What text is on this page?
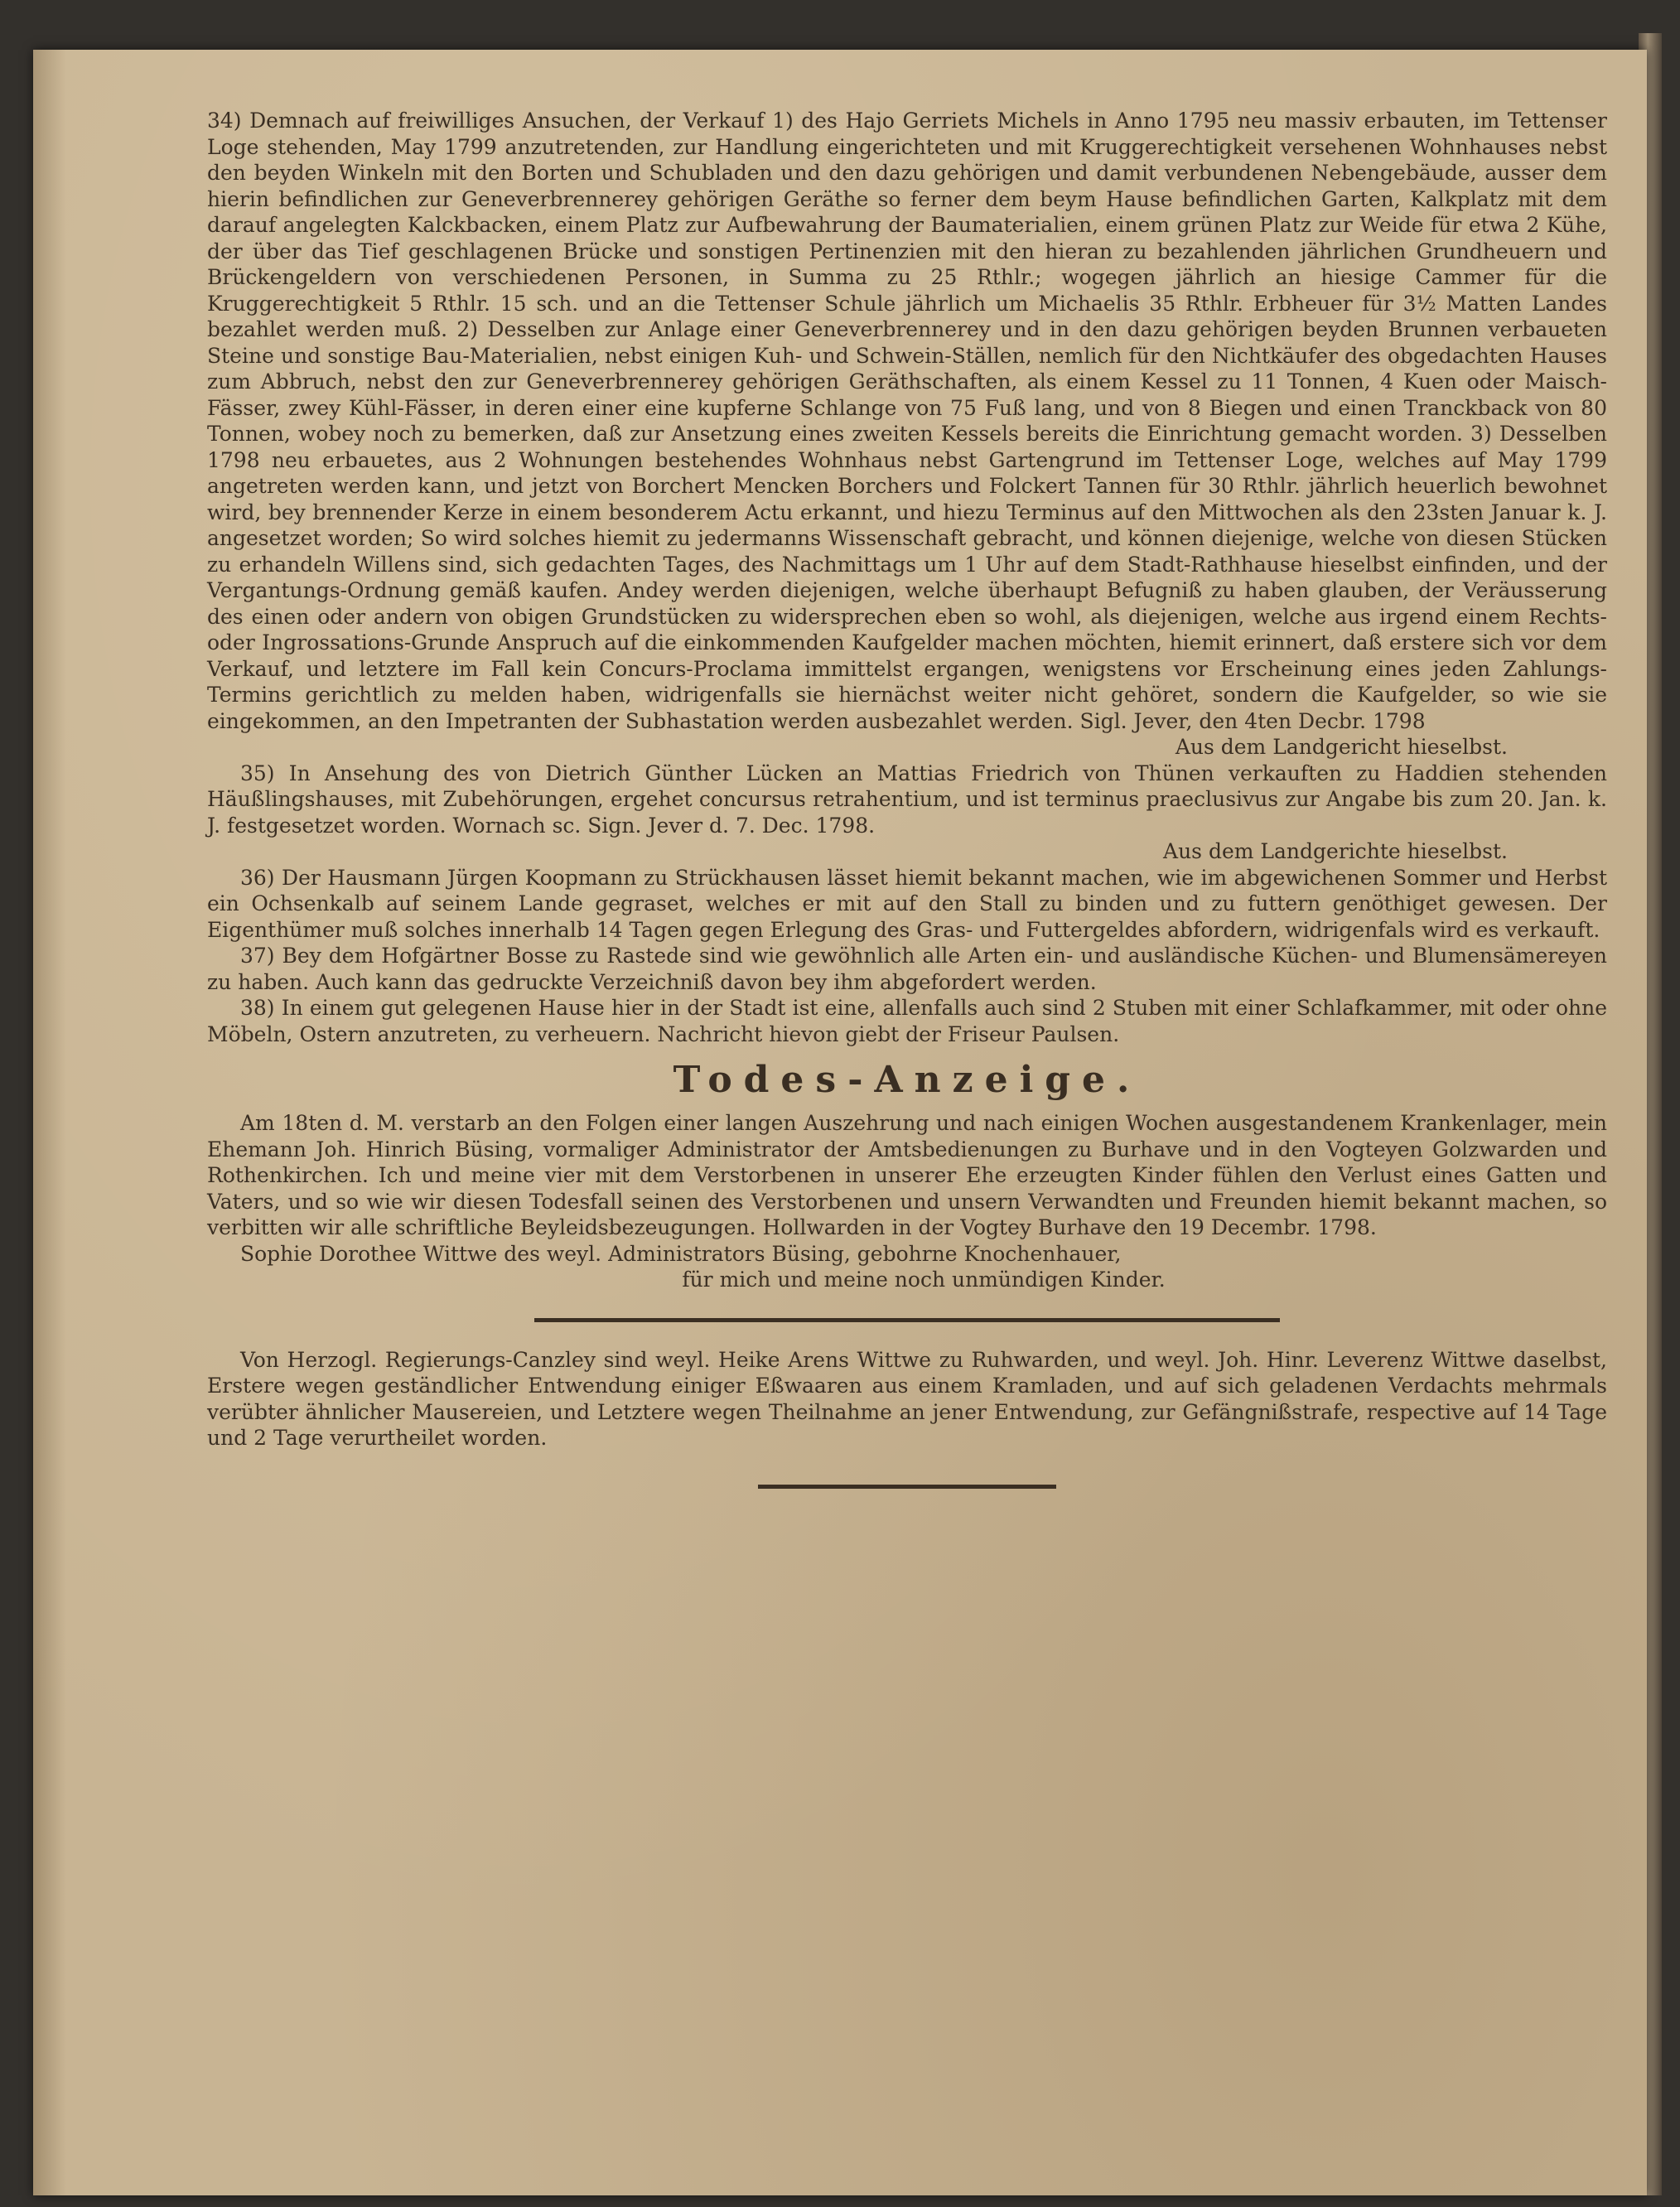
34) Demnach auf freiwilliges Ansuchen, der Verkauf 1) des Hajo Gerriets Michels in Anno 1795 neu massiv erbauten, im Tettenser Loge stehenden, May 1799 anzutretenden, zur Handlung eingerichteten und mit Kruggerechtigkeit versehenen Wohnhauses nebst den beyden Winkeln mit den Borten und Schubladen und den dazu gehörigen und damit verbundenen Nebengebäude, ausser dem hierin befindlichen zur Geneverbrennerey gehörigen Geräthe so ferner dem beym Hause befindlichen Garten, Kalkplatz mit dem darauf angelegten Kalckbacken, einem Platz zur Aufbewahrung der Baumaterialien, einem grünen Platz zur Weide für etwa 2 Kühe, der über das Tief geschlagenen Brücke und sonstigen Pertinenzien mit den hieran zu bezahlenden jährlichen Grundheuern und Brückengeldern von verschiedenen Personen, in Summa zu 25 Rthlr.; wogegen jährlich an hiesige Cammer für die Kruggerechtigkeit 5 Rthlr. 15 sch. und an die Tettenser Schule jährlich um Michaelis 35 Rthlr. Erbheuer für 3½ Matten Landes bezahlet werden muß. 2) Desselben zur Anlage einer Geneverbrennerey und in den dazu gehörigen beyden Brunnen verbaueten Steine und sonstige Bau-Materialien, nebst einigen Kuh- und Schwein-Ställen, nemlich für den Nichtkäufer des obgedachten Hauses zum Abbruch, nebst den zur Geneverbrennerey gehörigen Geräthschaften, als einem Kessel zu 11 Tonnen, 4 Kuen oder Maisch-Fässer, zwey Kühl-Fässer, in deren einer eine kupferne Schlange von 75 Fuß lang, und von 8 Biegen und einen Tranckback von 80 Tonnen, wobey noch zu bemerken, daß zur Ansetzung eines zweiten Kessels bereits die Einrichtung gemacht worden. 3) Desselben 1798 neu erbauetes, aus 2 Wohnungen bestehendes Wohnhaus nebst Gartengrund im Tettenser Loge, welches auf May 1799 angetreten werden kann, und jetzt von Borchert Mencken Borchers und Folckert Tannen für 30 Rthlr. jährlich heuerlich bewohnet wird, bey brennender Kerze in einem besonderem Actu erkannt, und hiezu Terminus auf den Mittwochen als den 23sten Januar k. J. angesetzet worden; So wird solches hiemit zu jedermanns Wissenschaft gebracht, und können diejenige, welche von diesen Stücken zu erhandeln Willens sind, sich gedachten Tages, des Nachmittags um 1 Uhr auf dem Stadt-Rathhause hieselbst einfinden, und der Vergantungs-Ordnung gemäß kaufen. Andey werden diejenigen, welche überhaupt Befugniß zu haben glauben, der Veräusserung des einen oder andern von obigen Grundstücken zu widersprechen eben so wohl, als diejenigen, welche aus irgend einem Rechts- oder Ingrossations-Grunde Anspruch auf die einkommenden Kaufgelder machen möchten, hiemit erinnert, daß erstere sich vor dem Verkauf, und letztere im Fall kein Concurs-Proclama immittelst ergangen, wenigstens vor Erscheinung eines jeden Zahlungs-Termins gerichtlich zu melden haben, widrigenfalls sie hiernächst weiter nicht gehöret, sondern die Kaufgelder, so wie sie eingekommen, an den Impetranten der Subhastation werden ausbezahlet werden. Sigl. Jever, den 4ten Decbr. 1798

Aus dem Landgericht hieselbst.

35) In Ansehung des von Dietrich Günther Lücken an Mattias Friedrich von Thünen verkauften zu Haddien stehenden Häußlingshauses, mit Zubehörungen, ergehet concursus retrahentium, und ist terminus praeclusivus zur Angabe bis zum 20. Jan. k. J. festgesetzet worden. Wornach sc. Sign. Jever d. 7. Dec. 1798.

Aus dem Landgerichte hieselbst.

36) Der Hausmann Jürgen Koopmann zu Strückhausen lässet hiemit bekannt machen, wie im abgewichenen Sommer und Herbst ein Ochsenkalb auf seinem Lande gegraset, welches er mit auf den Stall zu binden und zu futtern genöthiget gewesen. Der Eigenthümer muß solches innerhalb 14 Tagen gegen Erlegung des Gras- und Futtergeldes abfordern, widrigenfals wird es verkauft.

37) Bey dem Hofgärtner Bosse zu Rastede sind wie gewöhnlich alle Arten ein- und ausländische Küchen- und Blumensämereyen zu haben. Auch kann das gedruckte Verzeichniß davon bey ihm abgefordert werden.

38) In einem gut gelegenen Hause hier in der Stadt ist eine, allenfalls auch sind 2 Stuben mit einer Schlafkammer, mit oder ohne Möbeln, Ostern anzutreten, zu verheuern. Nachricht hievon giebt der Friseur Paulsen.

Todes-Anzeige.

Am 18ten d. M. verstarb an den Folgen einer langen Auszehrung und nach einigen Wochen ausgestandenem Krankenlager, mein Ehemann Joh. Hinrich Büsing, vormaliger Administrator der Amtsbedienungen zu Burhave und in den Vogteyen Golzwarden und Rothenkirchen. Ich und meine vier mit dem Verstorbenen in unserer Ehe erzeugten Kinder fühlen den Verlust eines Gatten und Vaters, und so wie wir diesen Todesfall seinen des Verstorbenen und unsern Verwandten und Freunden hiemit bekannt machen, so verbitten wir alle schriftliche Beyleidsbezeugungen. Hollwarden in der Vogtey Burhave den 19 Decembr. 1798.

Sophie Dorothee Wittwe des weyl. Administrators Büsing, gebohrne Knochenhauer,

für mich und meine noch unmündigen Kinder.

Von Herzogl. Regierungs-Canzley sind weyl. Heike Arens Wittwe zu Ruhwarden, und weyl. Joh. Hinr. Leverenz Wittwe daselbst, Erstere wegen geständlicher Entwendung einiger Eßwaaren aus einem Kramladen, und auf sich geladenen Verdachts mehrmals verübter ähnlicher Mausereien, und Letztere wegen Theilnahme an jener Entwendung, zur Gefängnißstrafe, respective auf 14 Tage und 2 Tage verurtheilet worden.
